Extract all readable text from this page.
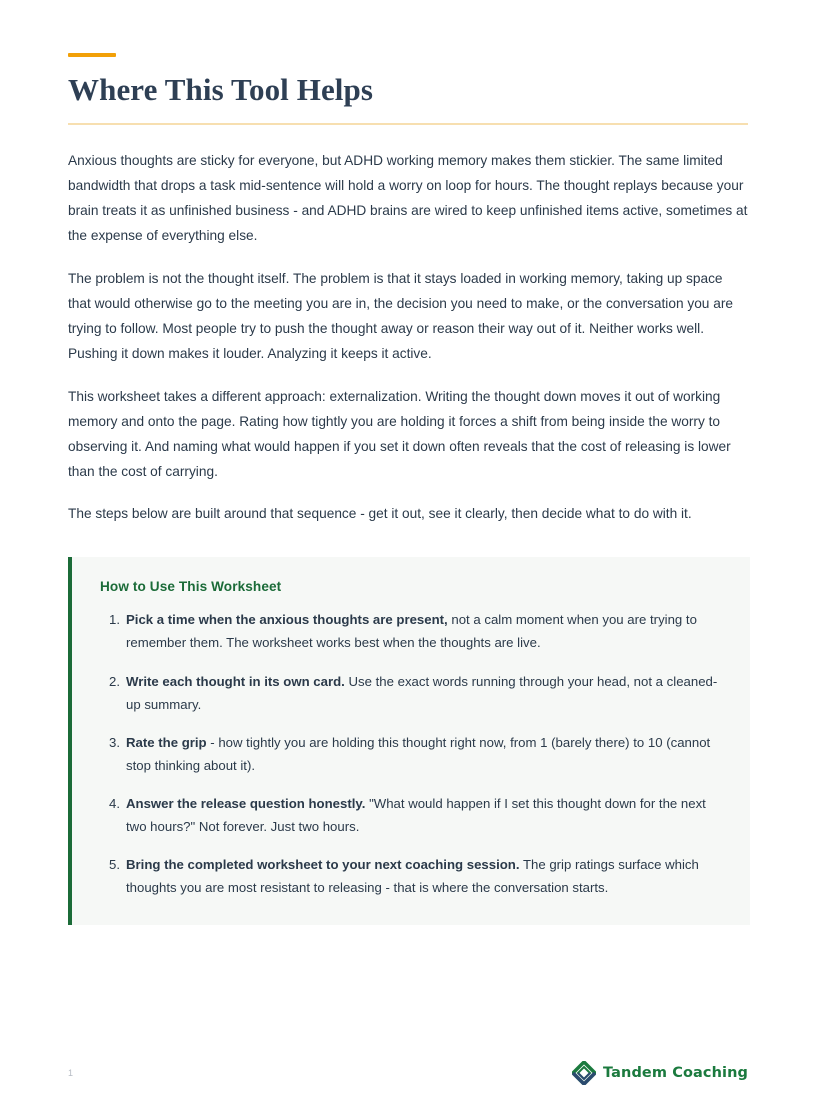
Where This Tool Helps

Anxious thoughts are sticky for everyone, but ADHD working memory makes them stickier. The same limited bandwidth that drops a task mid-sentence will hold a worry on loop for hours. The thought replays because your brain treats it as unfinished business - and ADHD brains are wired to keep unfinished items active, sometimes at the expense of everything else.

The problem is not the thought itself. The problem is that it stays loaded in working memory, taking up space that would otherwise go to the meeting you are in, the decision you need to make, or the conversation you are trying to follow. Most people try to push the thought away or reason their way out of it. Neither works well. Pushing it down makes it louder. Analyzing it keeps it active.

This worksheet takes a different approach: externalization. Writing the thought down moves it out of working memory and onto the page. Rating how tightly you are holding it forces a shift from being inside the worry to observing it. And naming what would happen if you set it down often reveals that the cost of releasing is lower than the cost of carrying.

The steps below are built around that sequence - get it out, see it clearly, then decide what to do with it.

How to Use This Worksheet
1. Pick a time when the anxious thoughts are present, not a calm moment when you are trying to remember them. The worksheet works best when the thoughts are live.
2. Write each thought in its own card. Use the exact words running through your head, not a cleaned-up summary.
3. Rate the grip - how tightly you are holding this thought right now, from 1 (barely there) to 10 (cannot stop thinking about it).
4. Answer the release question honestly. "What would happen if I set this thought down for the next two hours?" Not forever. Just two hours.
5. Bring the completed worksheet to your next coaching session. The grip ratings surface which thoughts you are most resistant to releasing - that is where the conversation starts.
1	Tandem Coaching
